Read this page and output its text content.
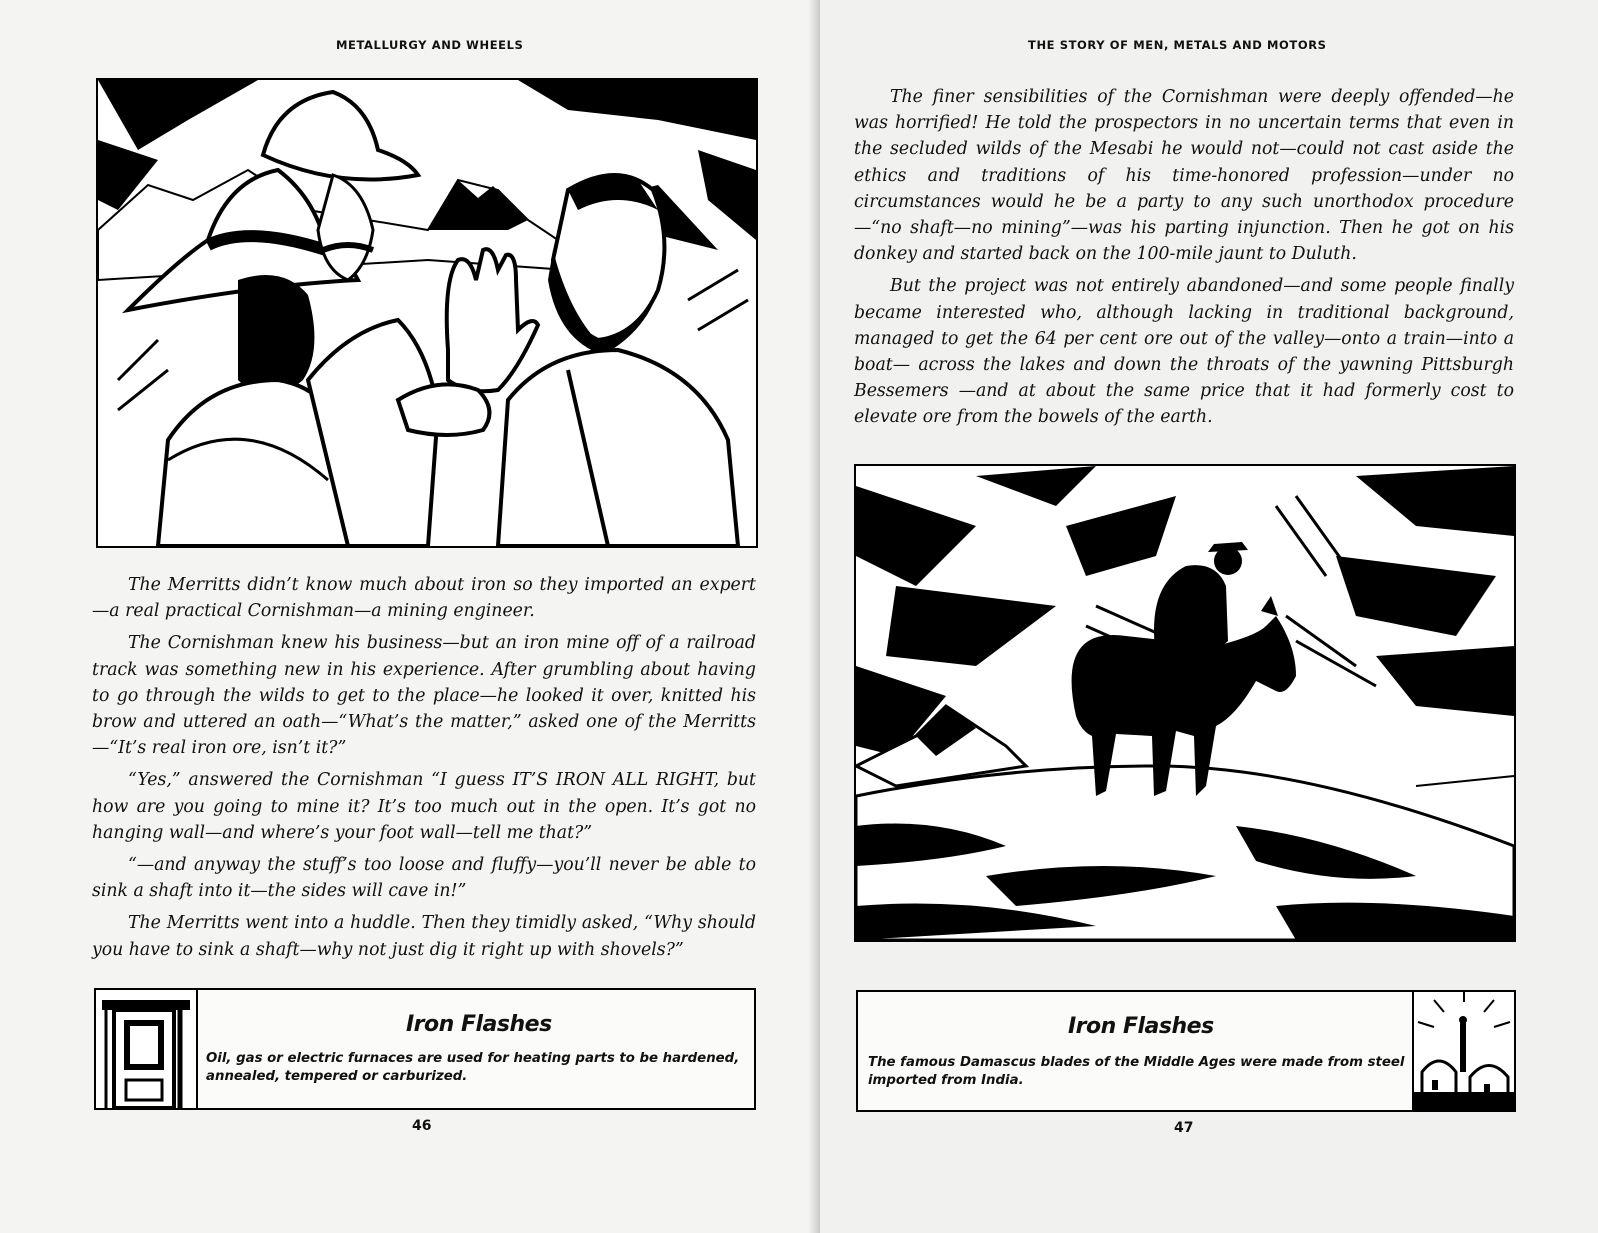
METALLURGY AND WHEELS

The Merritts didn’t know much about iron so they imported an expert —a real practical Cornishman—a mining engineer.

The Cornishman knew his business—but an iron mine off of a railroad track was something new in his experience. After grumbling about having to go through the wilds to get to the place—he looked it over, knitted his brow and uttered an oath—“What’s the matter,” asked one of the Merritts —“It’s real iron ore, isn’t it?”

“Yes,” answered the Cornishman “I guess IT’S IRON ALL RIGHT, but how are you going to mine it? It’s too much out in the open. It’s got no hanging wall—and where’s your foot wall—tell me that?”

“—and anyway the stuff’s too loose and fluffy—you’ll never be able to sink a shaft into it—the sides will cave in!”

The Merritts went into a huddle. Then they timidly asked, “Why should you have to sink a shaft—why not just dig it right up with shovels?”

Iron Flashes
Oil, gas or electric furnaces are used for heating parts to be hardened, annealed, tempered or carburized.
46
THE STORY OF MEN, METALS AND MOTORS

The finer sensibilities of the Cornishman were deeply offended—he was horrified! He told the prospectors in no uncertain terms that even in the secluded wilds of the Mesabi he would not—could not cast aside the ethics and traditions of his time-honored profession—under no circumstances would he be a party to any such unorthodox procedure—“no shaft—no mining”—was his parting injunction. Then he got on his donkey and started back on the 100-mile jaunt to Duluth.

But the project was not entirely abandoned—and some people finally became interested who, although lacking in traditional background, managed to get the 64 per cent ore out of the valley—onto a train—into a boat— across the lakes and down the throats of the yawning Pittsburgh Bessemers —and at about the same price that it had formerly cost to elevate ore from the bowels of the earth.

Iron Flashes
The famous Damascus blades of the Middle Ages were made from steel imported from India.
47
